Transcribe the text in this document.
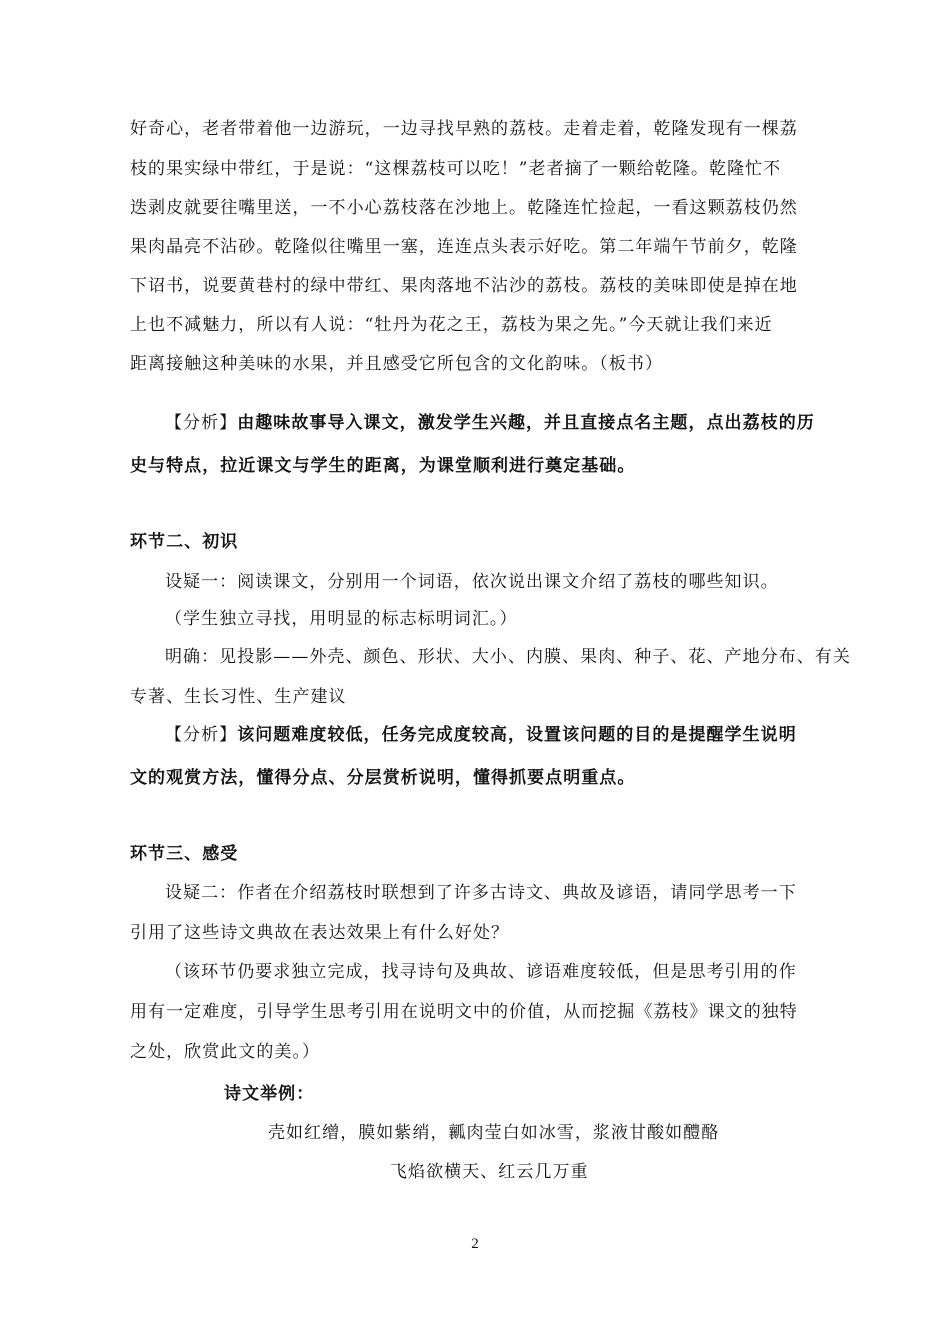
好奇心，老者带着他一边游玩，一边寻找早熟的荔枝。走着走着，乾隆发现有一棵荔
枝的果实绿中带红，于是说：“这棵荔枝可以吃！”老者摘了一颗给乾隆。乾隆忙不
迭剥皮就要往嘴里送，一不小心荔枝落在沙地上。乾隆连忙捡起，一看这颗荔枝仍然
果肉晶亮不沾砂。乾隆似往嘴里一塞，连连点头表示好吃。第二年端午节前夕，乾隆
下诏书，说要黄巷村的绿中带红、果肉落地不沾沙的荔枝。荔枝的美味即使是掉在地
上也不减魅力，所以有人说：“牡丹为花之王，荔枝为果之先。”今天就让我们来近
距离接触这种美味的水果，并且感受它所包含的文化韵味。（板书）
【分析】由趣味故事导入课文，激发学生兴趣，并且直接点名主题，点出荔枝的历
史与特点，拉近课文与学生的距离，为课堂顺利进行奠定基础。
环节二、初识
设疑一：阅读课文，分别用一个词语，依次说出课文介绍了荔枝的哪些知识。
（学生独立寻找，用明显的标志标明词汇。）
明确：见投影——外壳、颜色、形状、大小、内膜、果肉、种子、花、产地分布、有关
专著、生长习性、生产建议
【分析】该问题难度较低，任务完成度较高，设置该问题的目的是提醒学生说明
文的观赏方法，懂得分点、分层赏析说明，懂得抓要点明重点。
环节三、感受
设疑二：作者在介绍荔枝时联想到了许多古诗文、典故及谚语，请同学思考一下
引用了这些诗文典故在表达效果上有什么好处？
（该环节仍要求独立完成，找寻诗句及典故、谚语难度较低，但是思考引用的作
用有一定难度，引导学生思考引用在说明文中的价值，从而挖掘《荔枝》课文的独特
之处，欣赏此文的美。）
诗文举例：
壳如红缯，膜如紫绡，瓤肉莹白如冰雪，浆液甘酸如醴酪
飞焰欲横天、红云几万重
2
